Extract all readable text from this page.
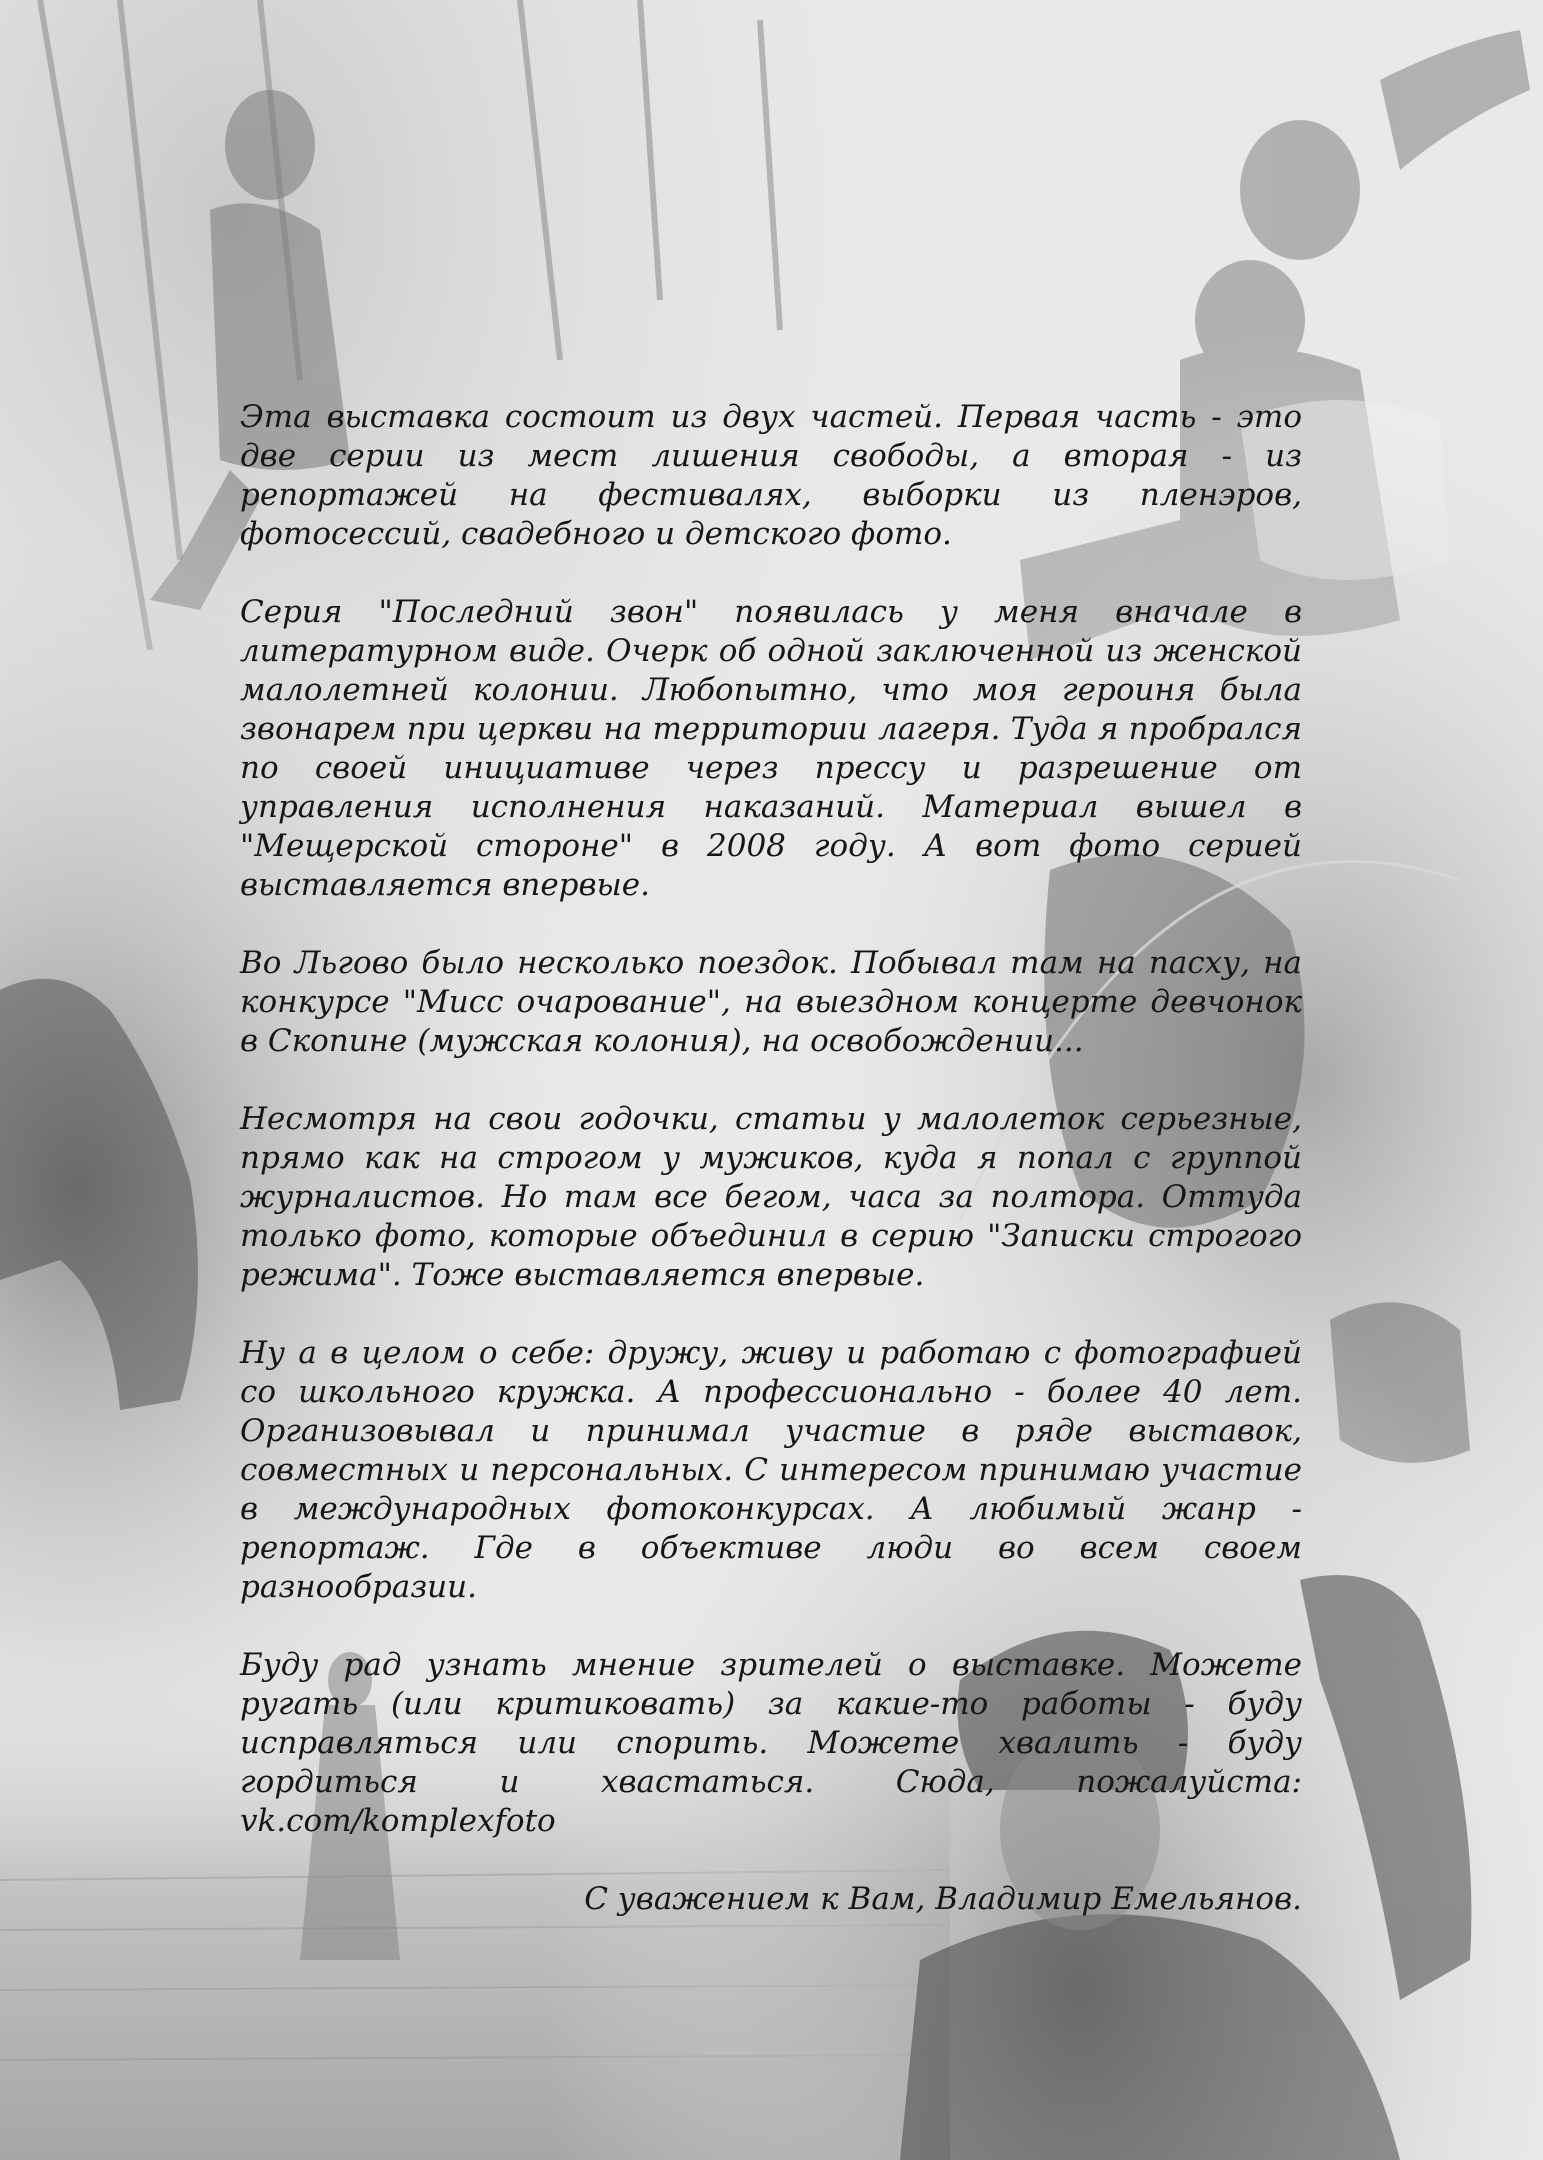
Эта выставка состоит из двух частей. Первая часть - это две серии из мест лишения свободы, а вторая - из репортажей на фестивалях, выборки из пленэров, фотосессий, свадебного и детского фото.

Серия "Последний звон" появилась у меня вначале в литературном виде. Очерк об одной заключенной из женской малолетней колонии. Любопытно, что моя героиня была звонарем при церкви на территории лагеря. Туда я пробрался по своей инициативе через прессу и разрешение от управления исполнения наказаний. Материал вышел в "Мещерской стороне" в 2008 году. А вот фото серией выставляется впервые.

Во Льгово было несколько поездок. Побывал там на пасху, на конкурсе "Мисс очарование", на выездном концерте девчонок в Скопине (мужская колония), на освобождении...

Несмотря на свои годочки, статьи у малолеток серьезные, прямо как на строгом у мужиков, куда я попал с группой журналистов. Но там все бегом, часа за полтора. Оттуда только фото, которые объединил в серию "Записки строгого режима". Тоже выставляется впервые.

Ну а в целом о себе: дружу, живу и работаю с фотографией со школьного кружка. А профессионально - более 40 лет. Организовывал и принимал участие в ряде выставок, совместных и персональных. С интересом принимаю участие в международных фотоконкурсах. А любимый жанр - репортаж. Где в объективе люди во всем своем разнообразии.

Буду рад узнать мнение зрителей о выставке. Можете ругать (или критиковать) за какие-то работы - буду исправляться или спорить. Можете хвалить - буду гордиться и хвастаться. Сюда, пожалуйста: vk.com/komplexfoto

С уважением к Вам, Владимир Емельянов.
